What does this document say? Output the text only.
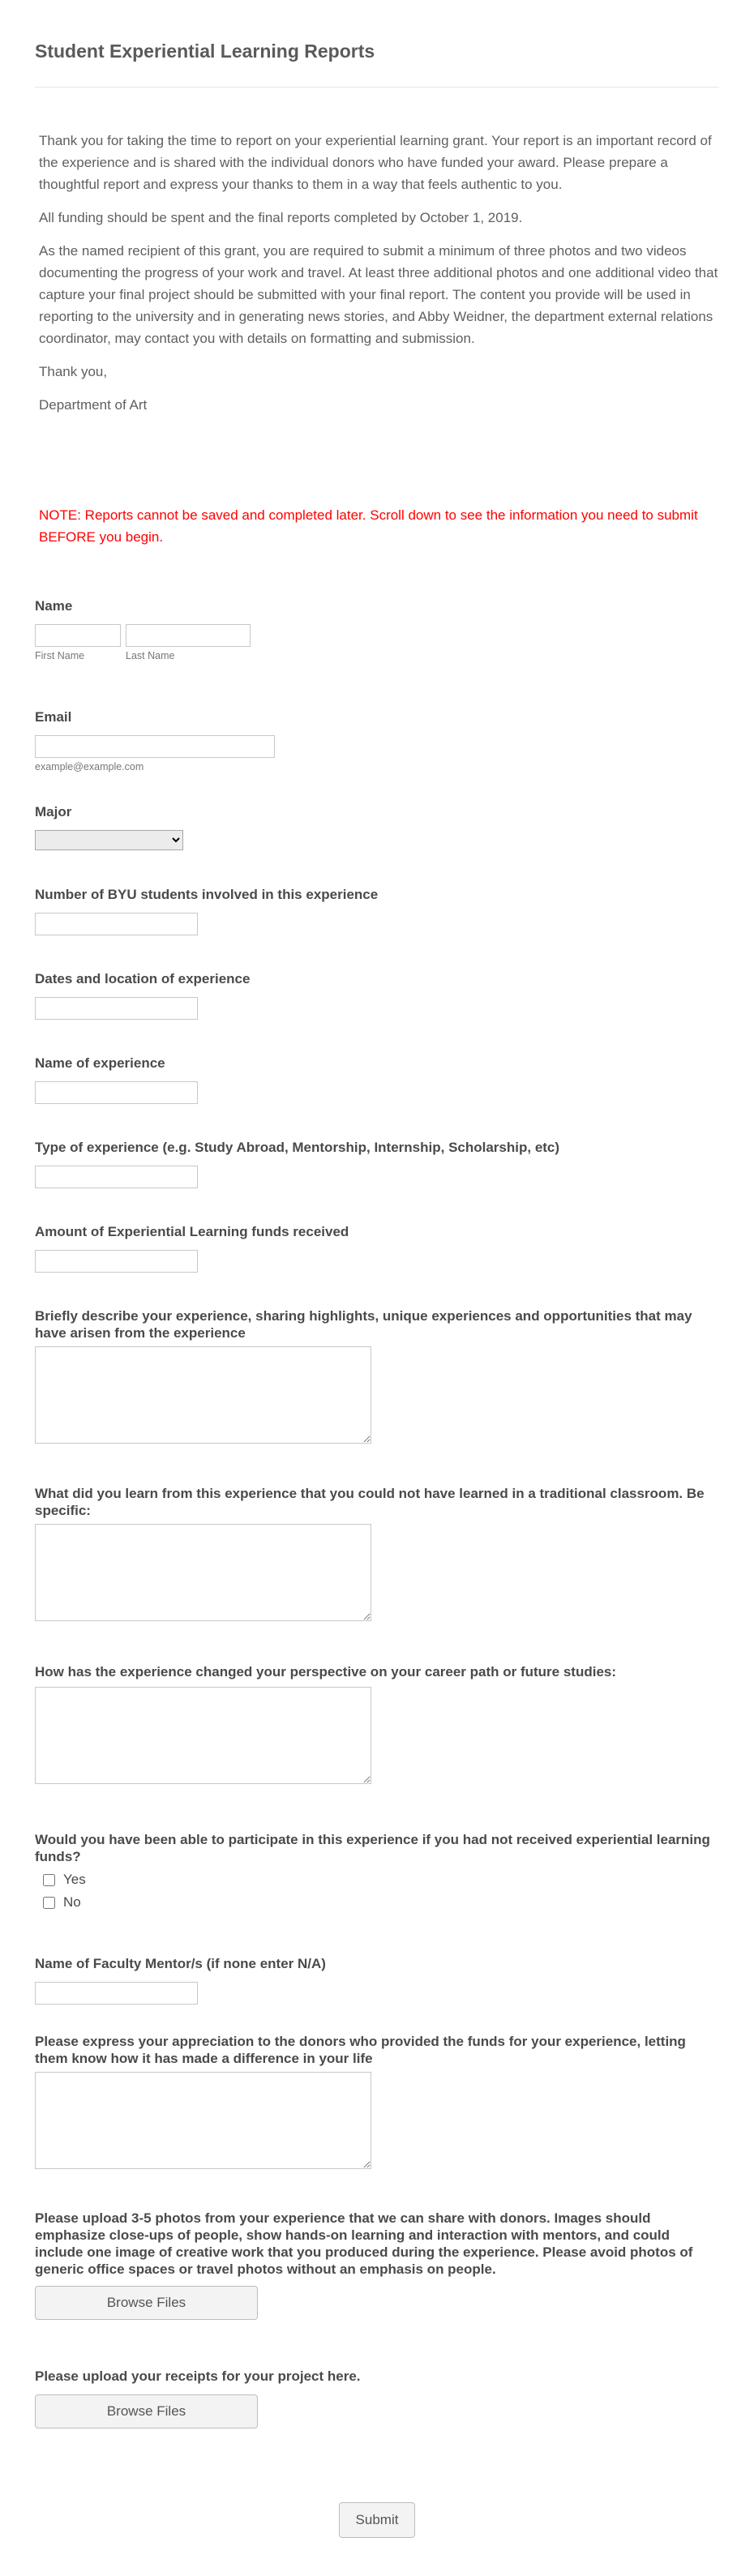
Student Experiential Learning Reports

Thank you for taking the time to report on your experiential learning grant. Your report is an important record of the experience and is shared with the individual donors who have funded your award. Please prepare a thoughtful report and express your thanks to them in a way that feels authentic to you.

All funding should be spent and the final reports completed by October 1, 2019.

As the named recipient of this grant, you are required to submit a minimum of three photos and two videos documenting the progress of your work and travel. At least three additional photos and one additional video that capture your final project should be submitted with your final report. The content you provide will be used in reporting to the university and in generating news stories, and Abby Weidner, the department external relations coordinator, may contact you with details on formatting and submission.

Thank you,

Department of Art

NOTE: Reports cannot be saved and completed later. Scroll down to see the information you need to submit BEFORE you begin.

Name
First Name	Last Name
Email
example@example.com
Major
Number of BYU students involved in this experience
Dates and location of experience
Name of experience
Type of experience (e.g. Study Abroad, Mentorship, Internship, Scholarship, etc)
Amount of Experiential Learning funds received
Briefly describe your experience, sharing highlights, unique experiences and opportunities that may have arisen from the experience
What did you learn from this experience that you could not have learned in a traditional classroom. Be specific:
How has the experience changed your perspective on your career path or future studies:
Would you have been able to participate in this experience if you had not received experiential learning funds?
Yes
No
Name of Faculty Mentor/s (if none enter N/A)
Please express your appreciation to the donors who provided the funds for your experience, letting them know how it has made a difference in your life
Please upload 3-5 photos from your experience that we can share with donors. Images should emphasize close-ups of people, show hands-on learning and interaction with mentors, and could include one image of creative work that you produced during the experience. Please avoid photos of generic office spaces or travel photos without an emphasis on people.
Browse Files
Please upload your receipts for your project here.
Browse Files
Submit
